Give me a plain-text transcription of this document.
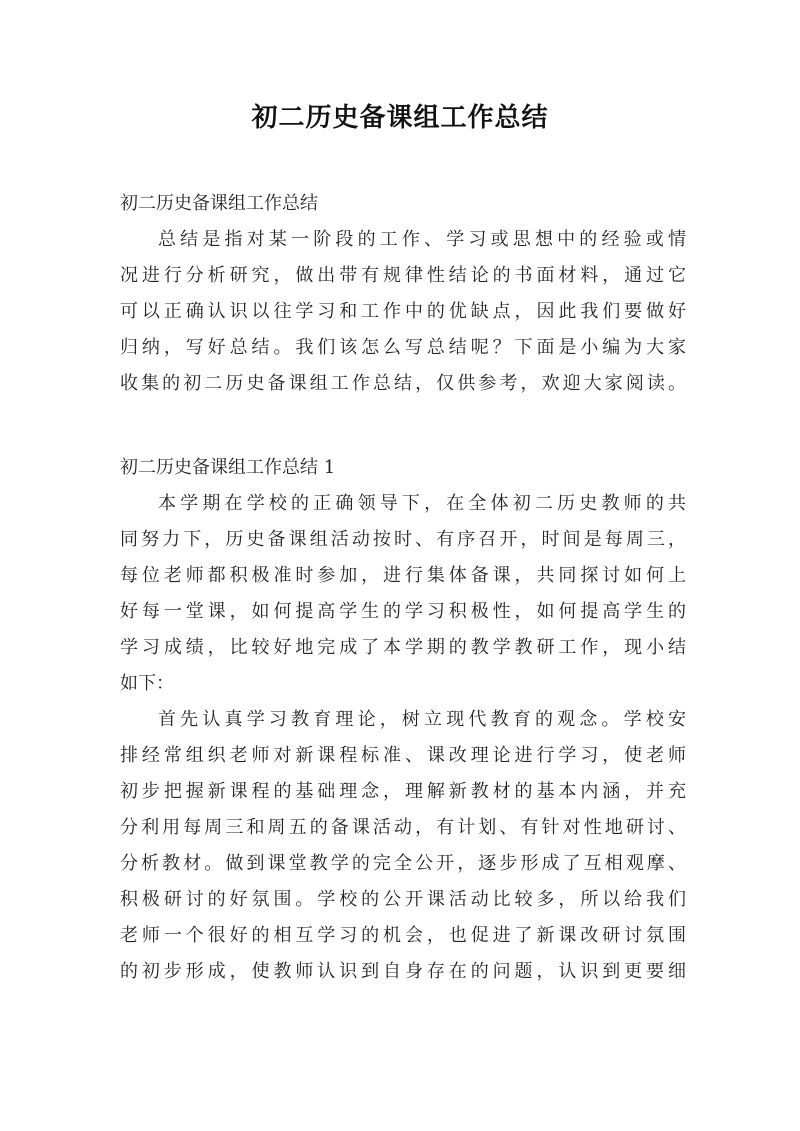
初二历史备课组工作总结
初二历史备课组工作总结
总结是指对某一阶段的工作、学习或思想中的经验或情
况进行分析研究，做出带有规律性结论的书面材料，通过它
可以正确认识以往学习和工作中的优缺点，因此我们要做好
归纳，写好总结。我们该怎么写总结呢？下面是小编为大家
收集的初二历史备课组工作总结，仅供参考，欢迎大家阅读。
初二历史备课组工作总结 1
本学期在学校的正确领导下，在全体初二历史教师的共
同努力下，历史备课组活动按时、有序召开，时间是每周三，
每位老师都积极准时参加，进行集体备课，共同探讨如何上
好每一堂课，如何提高学生的学习积极性，如何提高学生的
学习成绩，比较好地完成了本学期的教学教研工作，现小结
如下：
首先认真学习教育理论，树立现代教育的观念。学校安
排经常组织老师对新课程标准、课改理论进行学习，使老师
初步把握新课程的基础理念，理解新教材的基本内涵，并充
分利用每周三和周五的备课活动，有计划、有针对性地研讨、
分析教材。做到课堂教学的完全公开，逐步形成了互相观摩、
积极研讨的好氛围。学校的公开课活动比较多，所以给我们
老师一个很好的相互学习的机会，也促进了新课改研讨氛围
的初步形成，使教师认识到自身存在的问题，认识到更要细
